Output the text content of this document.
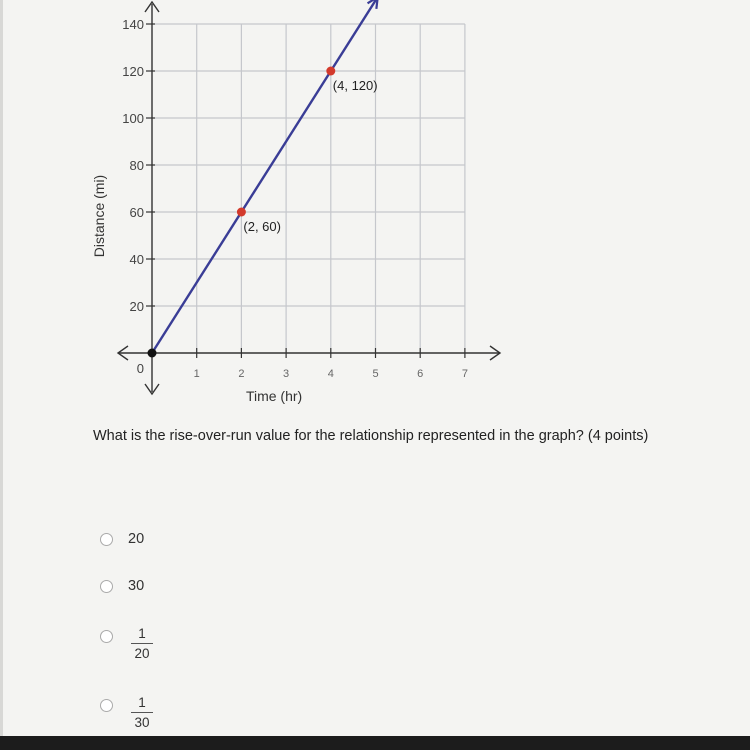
1	2	3	4	5	6	7
20
40
60
80
100
120
140
0
Time (hr)
Distance (mi)	(2, 60)
(4, 120)

What is the rise-over-run value for the relationship represented in the graph? (4 points)

20
30
$\frac{1}{20}$
$\frac{1}{30}$
